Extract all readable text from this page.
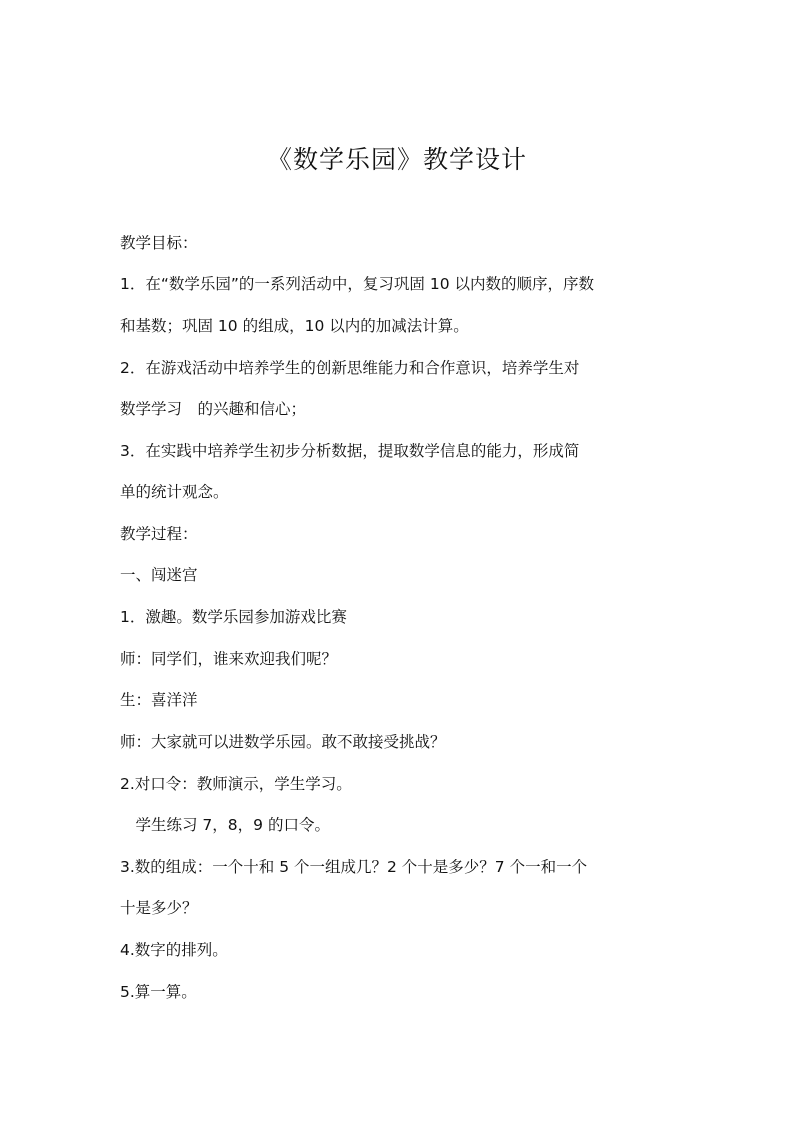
《数学乐园》教学设计
教学目标：
1．在“数学乐园”的一系列活动中，复习巩固 10 以内数的顺序，序数
和基数；巩固 10 的组成，10 以内的加减法计算。
2．在游戏活动中培养学生的创新思维能力和合作意识，培养学生对
数学学习　的兴趣和信心；
3．在实践中培养学生初步分析数据，提取数学信息的能力，形成简
单的统计观念。
教学过程：
一、闯迷宫
1．激趣。数学乐园参加游戏比赛
师：同学们，谁来欢迎我们呢？
生：喜洋洋
师：大家就可以进数学乐园。敢不敢接受挑战？
2.对口令：教师演示，学生学习。
　学生练习 7，8，9 的口令。
3.数的组成：一个十和 5 个一组成几？2 个十是多少？7 个一和一个
十是多少？
4.数字的排列。
5.算一算。
